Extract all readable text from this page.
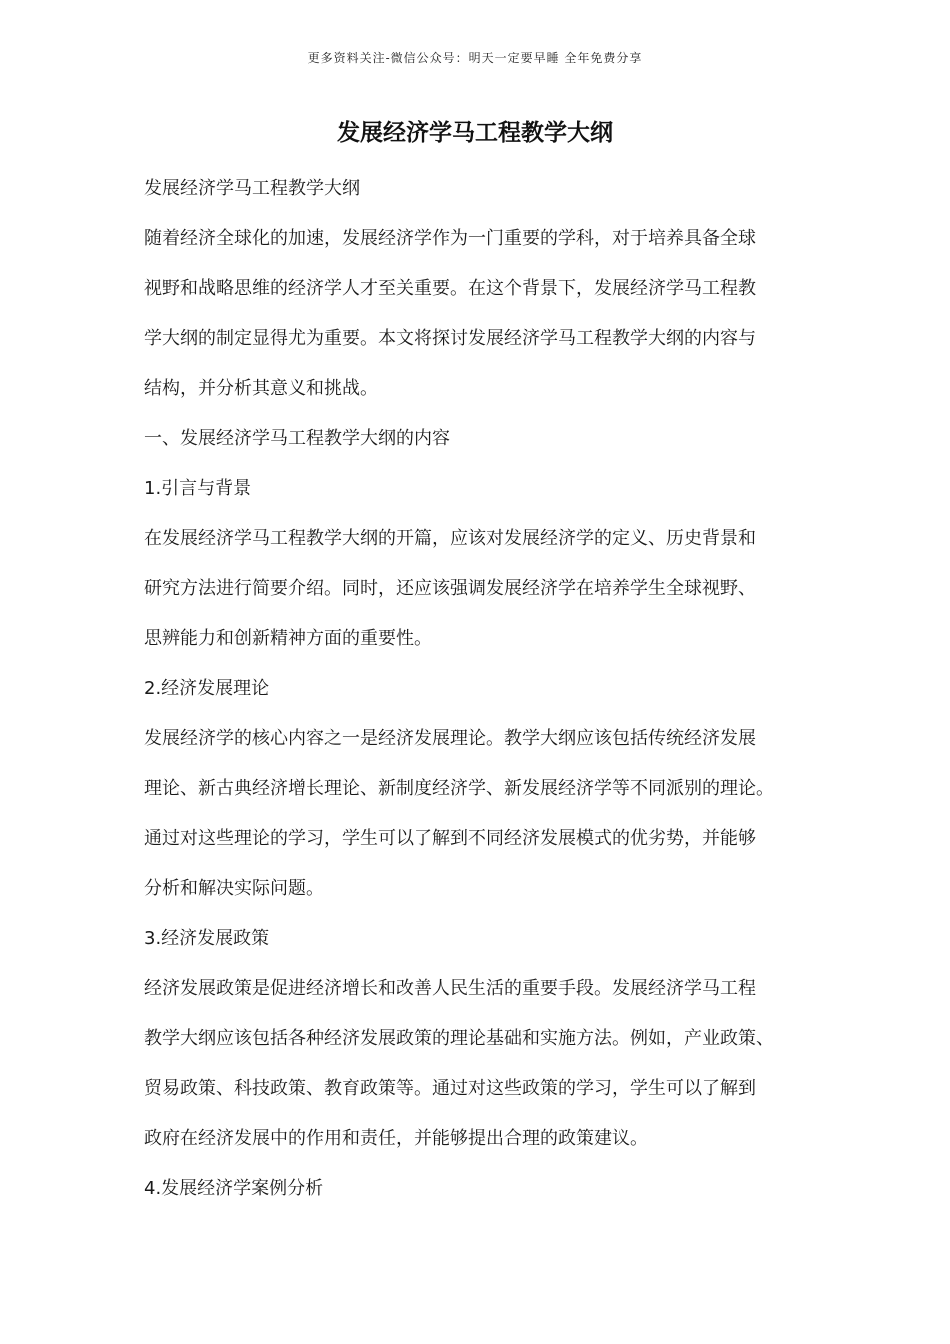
更多资料关注-微信公众号：明天一定要早睡 全年免费分享
发展经济学马工程教学大纲
发展经济学马工程教学大纲
随着经济全球化的加速，发展经济学作为一门重要的学科，对于培养具备全球
视野和战略思维的经济学人才至关重要。在这个背景下，发展经济学马工程教
学大纲的制定显得尤为重要。本文将探讨发展经济学马工程教学大纲的内容与
结构，并分析其意义和挑战。
一、发展经济学马工程教学大纲的内容
1.引言与背景
在发展经济学马工程教学大纲的开篇，应该对发展经济学的定义、历史背景和
研究方法进行简要介绍。同时，还应该强调发展经济学在培养学生全球视野、
思辨能力和创新精神方面的重要性。
2.经济发展理论
发展经济学的核心内容之一是经济发展理论。教学大纲应该包括传统经济发展
理论、新古典经济增长理论、新制度经济学、新发展经济学等不同派别的理论。
通过对这些理论的学习，学生可以了解到不同经济发展模式的优劣势，并能够
分析和解决实际问题。
3.经济发展政策
经济发展政策是促进经济增长和改善人民生活的重要手段。发展经济学马工程
教学大纲应该包括各种经济发展政策的理论基础和实施方法。例如，产业政策、
贸易政策、科技政策、教育政策等。通过对这些政策的学习，学生可以了解到
政府在经济发展中的作用和责任，并能够提出合理的政策建议。
4.发展经济学案例分析
